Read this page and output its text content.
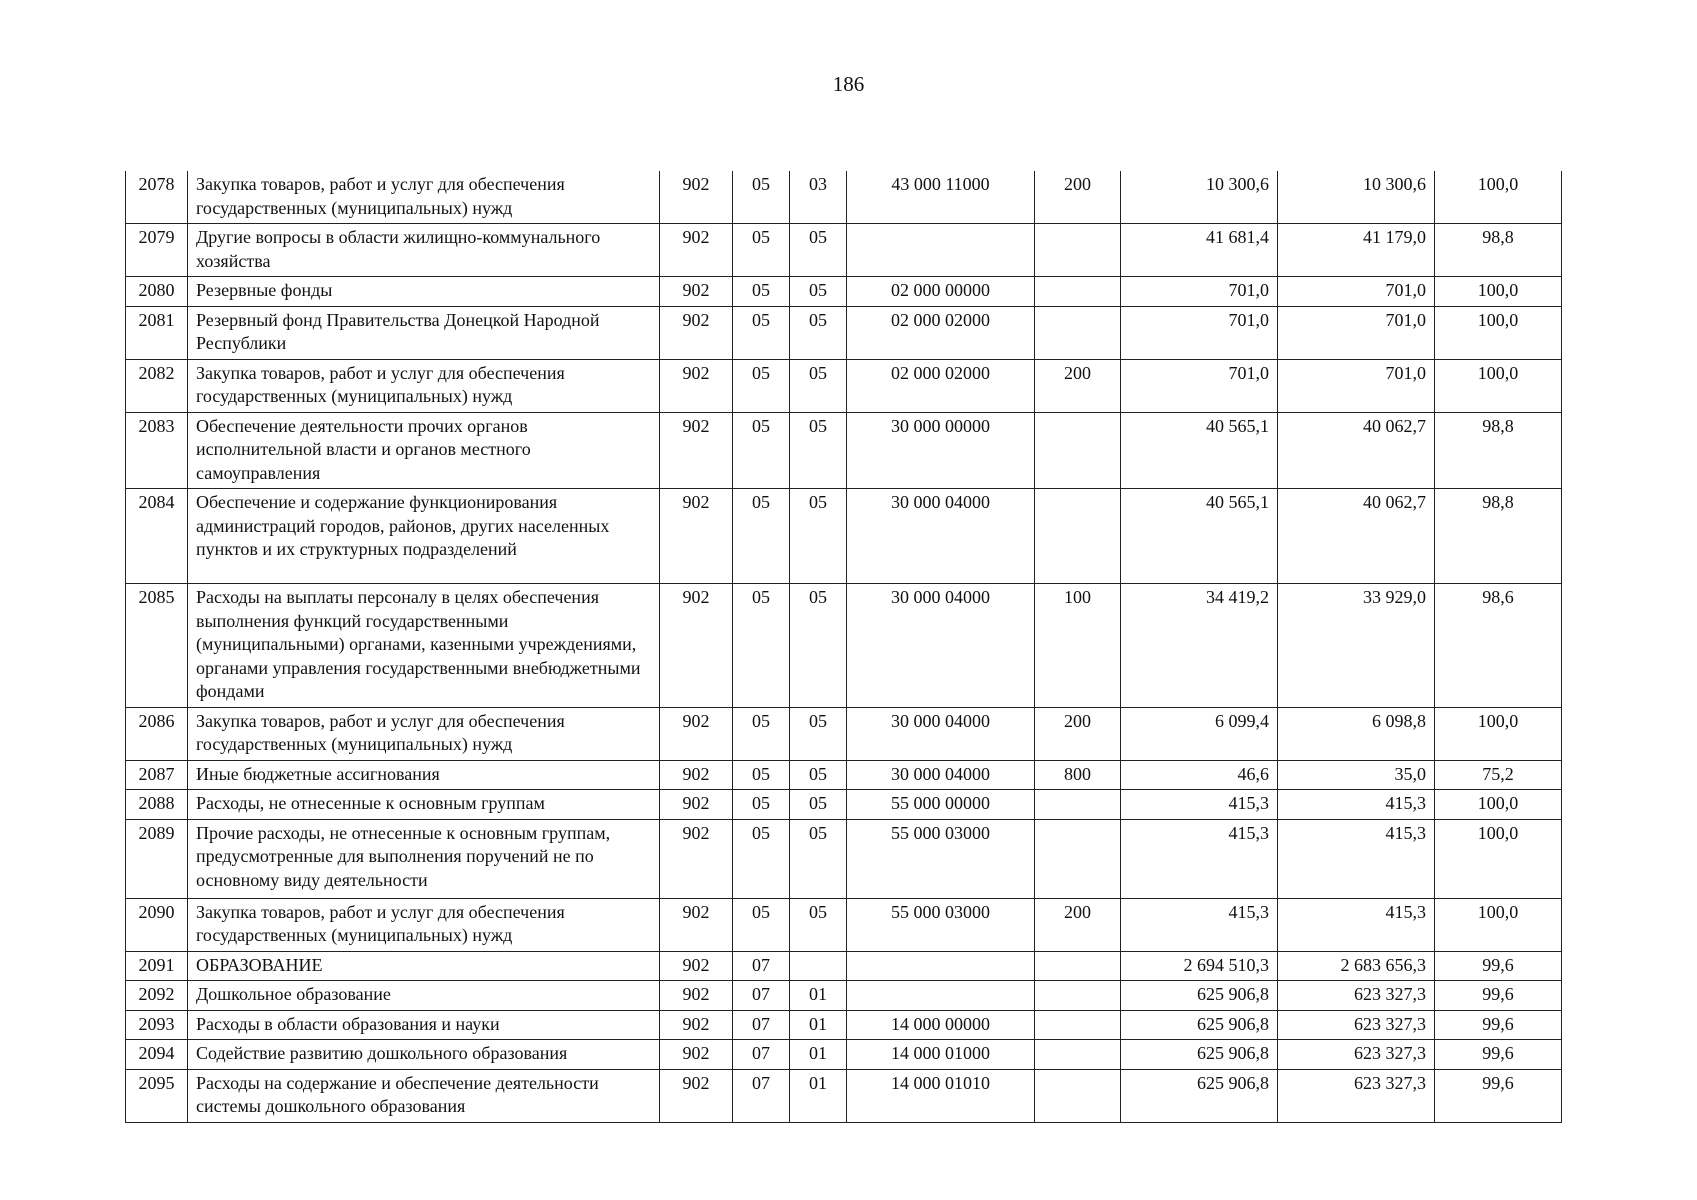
186
2078	Закупка товаров, работ и услуг для обеспечения государственных (муниципальных) нужд	902	05	03	43 000 11000	200	10 300,6	10 300,6	100,0
2079	Другие вопросы в области жилищно-коммунального хозяйства	902	05	05			41 681,4	41 179,0	98,8
2080	Резервные фонды	902	05	05	02 000 00000		701,0	701,0	100,0
2081	Резервный фонд Правительства Донецкой Народной Республики	902	05	05	02 000 02000		701,0	701,0	100,0
2082	Закупка товаров, работ и услуг для обеспечения государственных (муниципальных) нужд	902	05	05	02 000 02000	200	701,0	701,0	100,0
2083	Обеспечение деятельности прочих органов исполнительной власти и органов местного самоуправления	902	05	05	30 000 00000		40 565,1	40 062,7	98,8
2084	Обеспечение и содержание функционирования администраций городов, районов, других населенных пунктов и их структурных подразделений	902	05	05	30 000 04000		40 565,1	40 062,7	98,8
2085	Расходы на выплаты персоналу в целях обеспечения выполнения функций государственными (муниципальными) органами, казенными учреждениями, органами управления государственными внебюджетными фондами	902	05	05	30 000 04000	100	34 419,2	33 929,0	98,6
2086	Закупка товаров, работ и услуг для обеспечения государственных (муниципальных) нужд	902	05	05	30 000 04000	200	6 099,4	6 098,8	100,0
2087	Иные бюджетные ассигнования	902	05	05	30 000 04000	800	46,6	35,0	75,2
2088	Расходы, не отнесенные к основным группам	902	05	05	55 000 00000		415,3	415,3	100,0
2089	Прочие расходы, не отнесенные к основным группам, предусмотренные для выполнения поручений не по основному виду деятельности	902	05	05	55 000 03000		415,3	415,3	100,0
2090	Закупка товаров, работ и услуг для обеспечения государственных (муниципальных) нужд	902	05	05	55 000 03000	200	415,3	415,3	100,0
2091	ОБРАЗОВАНИЕ	902	07				2 694 510,3	2 683 656,3	99,6
2092	Дошкольное образование	902	07	01			625 906,8	623 327,3	99,6
2093	Расходы в области образования и науки	902	07	01	14 000 00000		625 906,8	623 327,3	99,6
2094	Содействие развитию дошкольного образования	902	07	01	14 000 01000		625 906,8	623 327,3	99,6
2095	Расходы на содержание и обеспечение деятельности системы дошкольного образования	902	07	01	14 000 01010		625 906,8	623 327,3	99,6
